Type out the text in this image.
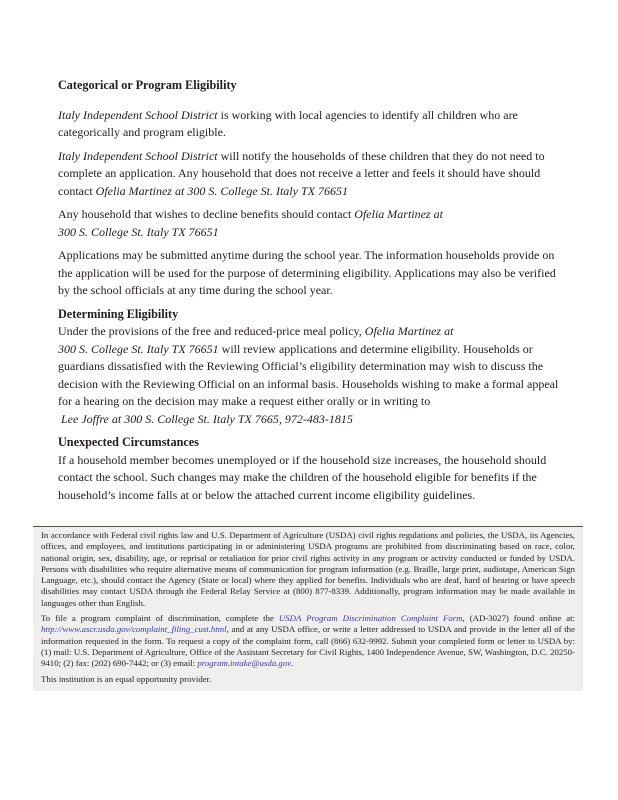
Categorical or Program Eligibility

Italy Independent School District is working with local agencies to identify all children who are categorically and program eligible.

Italy Independent School District will notify the households of these children that they do not need to complete an application. Any household that does not receive a letter and feels it should have should contact Ofelia Martinez at 300 S. College St. Italy TX 76651

Any household that wishes to decline benefits should contact Ofelia Martinez at
300 S. College St. Italy TX 76651

Applications may be submitted anytime during the school year. The information households provide on the application will be used for the purpose of determining eligibility. Applications may also be verified by the school officials at any time during the school year.

Determining Eligibility

Under the provisions of the free and reduced-price meal policy, Ofelia Martinez at
300 S. College St. Italy TX 76651 will review applications and determine eligibility. Households or guardians dissatisfied with the Reviewing Official’s eligibility determination may wish to discuss the decision with the Reviewing Official on an informal basis. Households wishing to make a formal appeal for a hearing on the decision may make a request either orally or in writing to
Lee Joffre at 300 S. College St. Italy TX 7665, 972-483-1815

Unexpected Circumstances

If a household member becomes unemployed or if the household size increases, the household should contact the school. Such changes may make the children of the household eligible for benefits if the household’s income falls at or below the attached current income eligibility guidelines.

In accordance with Federal civil rights law and U.S. Department of Agriculture (USDA) civil rights regulations and policies, the USDA, its Agencies, offices, and employees, and institutions participating in or administering USDA programs are prohibited from discriminating based on race, color, national origin, sex, disability, age, or reprisal or retaliation for prior civil rights activity in any program or activity conducted or funded by USDA. Persons with disabilities who require alternative means of communication for program information (e.g. Braille, large print, audiotape, American Sign Language, etc.), should contact the Agency (State or local) where they applied for benefits. Individuals who are deaf, hard of hearing or have speech disabilities may contact USDA through the Federal Relay Service at (800) 877-8339. Additionally, program information may be made available in languages other than English.

To file a program complaint of discrimination, complete the USDA Program Discrimination Complaint Form, (AD-3027) found online at: http://www.ascr.usda.gov/complaint_filing_cust.html, and at any USDA office, or write a letter addressed to USDA and provide in the letter all of the information requested in the form. To request a copy of the complaint form, call (866) 632-9992. Submit your completed form or letter to USDA by: (1) mail: U.S. Department of Agriculture, Office of the Assistant Secretary for Civil Rights, 1400 Independence Avenue, SW, Washington, D.C. 20250-9410; (2) fax: (202) 690-7442; or (3) email: program.intake@usda.gov.

This institution is an equal opportunity provider.
